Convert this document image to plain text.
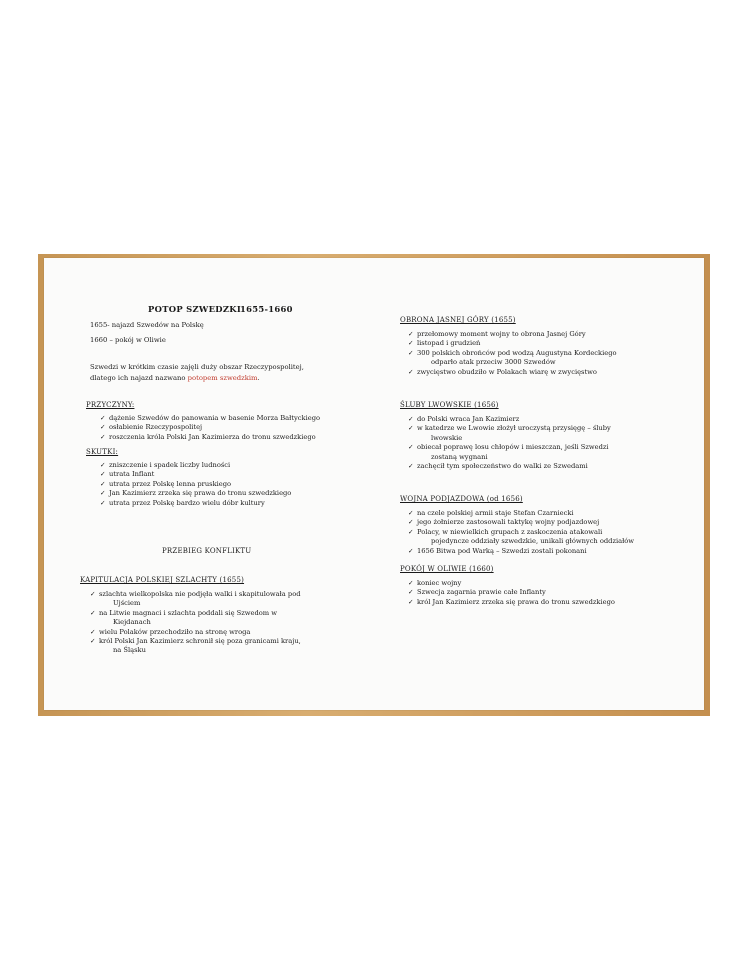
POTOP SZWEDZKI
1655-1660
1655- najazd Szwedów na Polskę
1660 – pokój w Oliwie
Szwedzi w krótkim czasie zajęli duży obszar Rzeczypospolitej,
dlatego ich najazd nazwano potopem szwedzkim.
PRZYCZYNY:
✓ dążenie Szwedów do panowania w basenie Morza Bałtyckiego
✓ osłabienie Rzeczypospolitej
✓ roszczenia króla Polski Jan Kazimierza do tronu szwedzkiego
SKUTKI:
✓ zniszczenie i spadek liczby ludności
✓ utrata Inflant
✓ utrata przez Polskę lenna pruskiego
✓ Jan Kazimierz zrzeka się prawa do tronu szwedzkiego
✓ utrata przez Polskę bardzo wielu dóbr kultury
PRZEBIEG KONFLIKTU
KAPITULACJA POLSKIEJ SZLACHTY (1655)
✓ szlachta wielkopolska nie podjęła walki i skapitulowała pod
Ujściem
✓ na Litwie magnaci i szlachta poddali się Szwedom w
Kiejdanach
✓ wielu Polaków przechodziło na stronę wroga
✓ król Polski Jan Kazimierz schronił się poza granicami kraju,
na Śląsku
OBRONA JASNEJ GÓRY (1655)
✓ przełomowy moment wojny to obrona Jasnej Góry
✓ listopad i grudzień
✓ 300 polskich obrońców pod wodzą Augustyna Kordeckiego
odparło atak przeciw 3000 Szwedów
✓ zwycięstwo obudziło w Polakach wiarę w zwycięstwo
ŚLUBY LWOWSKIE (1656)
✓ do Polski wraca Jan Kazimierz
✓ w katedrze we Lwowie złożył uroczystą przysięgę – śluby
lwowskie
✓ obiecał poprawę losu chłopów i mieszczan, jeśli Szwedzi
zostaną wygnani
✓ zachęcił tym społeczeństwo do walki ze Szwedami
WOJNA PODJAZDOWA (od 1656)
✓ na czele polskiej armii staje Stefan Czarniecki
✓ jego żołnierze zastosowali taktykę wojny podjazdowej
✓ Polacy, w niewielkich grupach z zaskoczenia atakowali
pojedyncze oddziały szwedzkie, unikali głównych oddziałów
✓ 1656 Bitwa pod Warką – Szwedzi zostali pokonani
POKÓJ W OLIWIE (1660)
✓ koniec wojny
✓ Szwecja zagarnia prawie całe Inflanty
✓ król Jan Kazimierz zrzeka się prawa do tronu szwedzkiego
